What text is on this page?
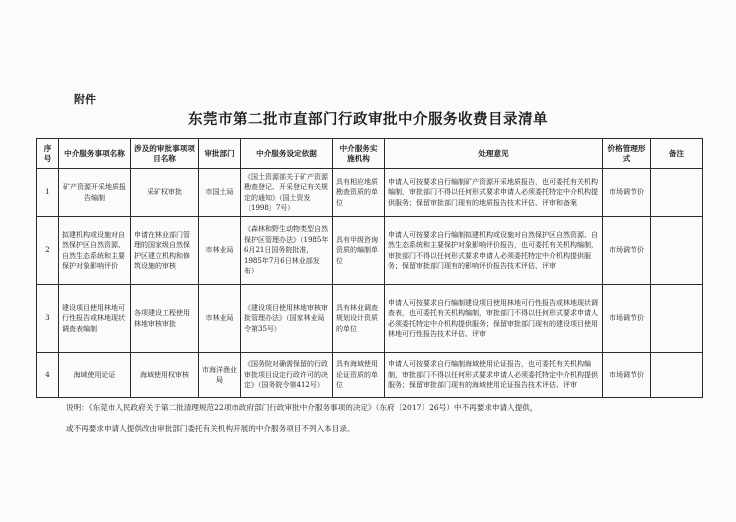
附件
东莞市第二批市直部门行政审批中介服务收费目录清单
序号	中介服务事项名称	涉及的审批事项项目名称	审批部门	中介服务设定依据	中介服务实施机构	处理意见	价格管理形式	备注
1	矿产资源开采地质报告编制	采矿权审批	市国土局	《国土资源部关于矿产资源勘查登记、开采登记有关规定的通知》（国土资发〔1998〕7号）	具有相应地质勘查资质的单位	申请人可按要求自行编制矿产资源开采地质报告，也可委托有关机构编制，审批部门不得以任何形式要求申请人必须委托特定中介机构提供服务；保留审批部门现有的地质报告技术评估、评审和备案	市场调节价	
2	拟建机构或设施对自然保护区自然资源、自然生态系统和主要保护对象影响评价	申请在林业部门管理的国家级自然保护区建立机构和修筑设施的审核	市林业局	《森林和野生动物类型自然保护区管理办法》（1985年6月21日国务院批准，1985年7月6日林业部发布）	具有甲级咨询资质的编制单位	申请人可按要求自行编制拟建机构或设施对自然保护区自然资源、自然生态系统和主要保护对象影响评价报告，也可委托有关机构编制，审批部门不得以任何形式要求申请人必须委托特定中介机构提供服务；保留审批部门现有的影响评价报告技术评估、评审	市场调节价	
3	建设项目使用林地可行性报告或林地现状调查表编制	各项建设工程使用林地审核审批	市林业局	《建设项目使用林地审核审批管理办法》（国家林业局令第35号）	具有林业调查规划设计资质的单位	申请人可按要求自行编制建设项目使用林地可行性报告或林地现状调查表，也可委托有关机构编制，审批部门不得以任何形式要求申请人必须委托特定中介机构提供服务；保留审批部门现有的建设项目使用林地可行性报告技术评估、评审	市场调节价	
4	海域使用论证	海域使用权审核	市海洋渔业局	《国务院对确需保留的行政审批项目设定行政许可的决定》（国务院令第412号）	具有海域使用论证资质的单位	申请人可按要求自行编制海域使用论证报告，也可委托有关机构编制，审批部门不得以任何形式要求申请人必须委托特定中介机构提供服务；保留审批部门现有的海域使用论证报告技术评估、评审	市场调节价	
说明：《东莞市人民政府关于第二批清理规范22项市政府部门行政审批中介服务事项的决定》（东府〔2017〕26号）中不再要求申请人提供，
或不再要求申请人提供改由审批部门委托有关机构开展的中介服务项目不列入本目录。
